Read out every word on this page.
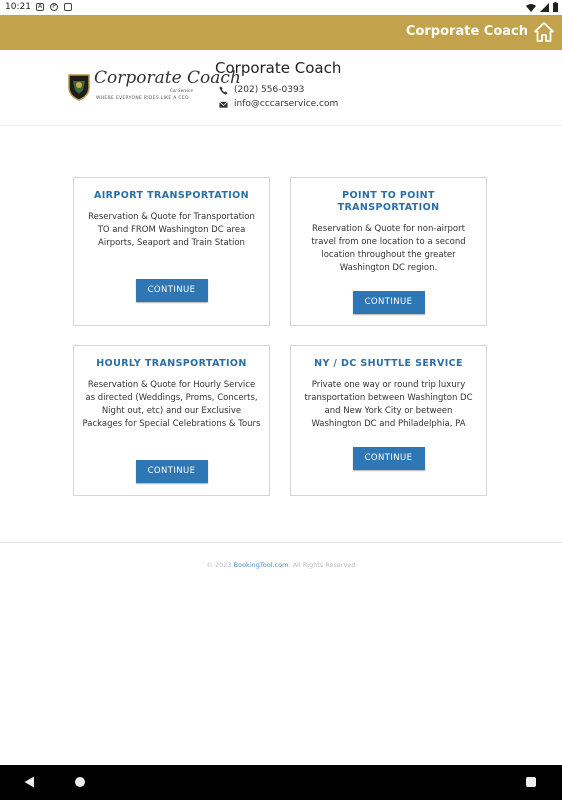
10:21	A	P
Corporate Coach
Corporate Coach
Car Service
WHERE EVERYONE RIDES LIKE A CEO
Corporate Coach
(202) 556-0393
info@cccarservice.com
AIRPORT TRANSPORTATION

Reservation & Quote for Transportation TO and FROM Washington DC area Airports, Seaport and Train Station

CONTINUE
POINT TO POINT TRANSPORTATION

Reservation & Quote for non-airport travel from one location to a second location throughout the greater Washington DC region.

CONTINUE
HOURLY TRANSPORTATION

Reservation & Quote for Hourly Service as directed (Weddings, Proms, Concerts, Night out, etc) and our Exclusive Packages for Special Celebrations & Tours

CONTINUE
NY / DC SHUTTLE SERVICE

Private one way or round trip luxury transportation between Washington DC and New York City or between Washington DC and Philadelphia, PA

CONTINUE
© 2023 BookingTool.com. All Rights Reserved
